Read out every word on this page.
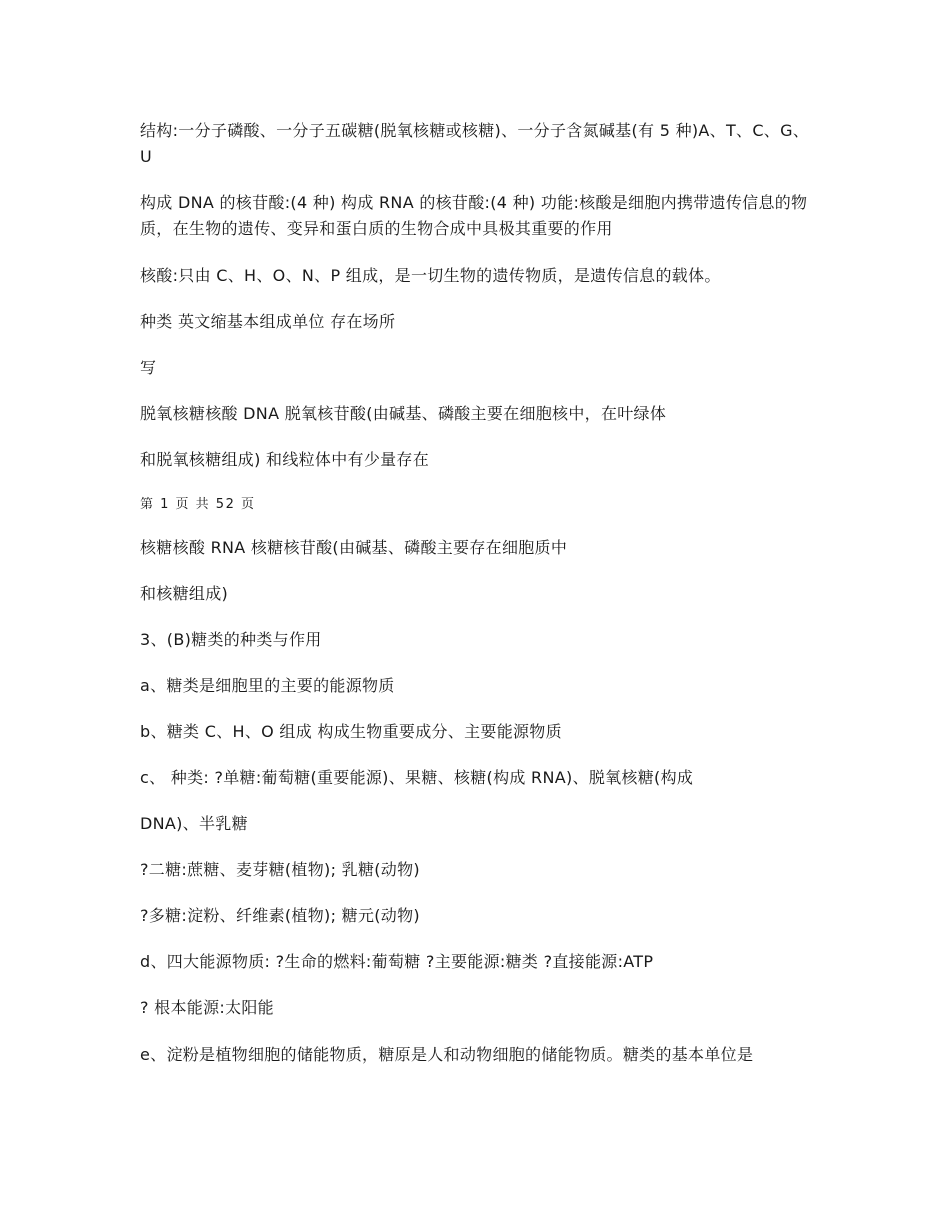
结构:一分子磷酸、一分子五碳糖(脱氧核糖或核糖)、一分子含氮碱基(有 5 种)A、T、C、G、U
构成 DNA 的核苷酸:(4 种) 构成 RNA 的核苷酸:(4 种) 功能:核酸是细胞内携带遗传信息的物质，在生物的遗传、变异和蛋白质的生物合成中具极其重要的作用
核酸:只由 C、H、O、N、P 组成，是一切生物的遗传物质，是遗传信息的载体。
种类 英文缩基本组成单位 存在场所
写
脱氧核糖核酸 DNA 脱氧核苷酸(由碱基、磷酸主要在细胞核中，在叶绿体
和脱氧核糖组成) 和线粒体中有少量存在
第 1 页 共 52 页
核糖核酸 RNA 核糖核苷酸(由碱基、磷酸主要存在细胞质中
和核糖组成)
3、(B)糖类的种类与作用
a、糖类是细胞里的主要的能源物质
b、糖类 C、H、O 组成 构成生物重要成分、主要能源物质
c、 种类: ?单糖:葡萄糖(重要能源)、果糖、核糖(构成 RNA)、脱氧核糖(构成
DNA)、半乳糖
?二糖:蔗糖、麦芽糖(植物); 乳糖(动物)
?多糖:淀粉、纤维素(植物); 糖元(动物)
d、四大能源物质: ?生命的燃料:葡萄糖 ?主要能源:糖类 ?直接能源:ATP
? 根本能源:太阳能
e、淀粉是植物细胞的储能物质，糖原是人和动物细胞的储能物质。糖类的基本单位是
